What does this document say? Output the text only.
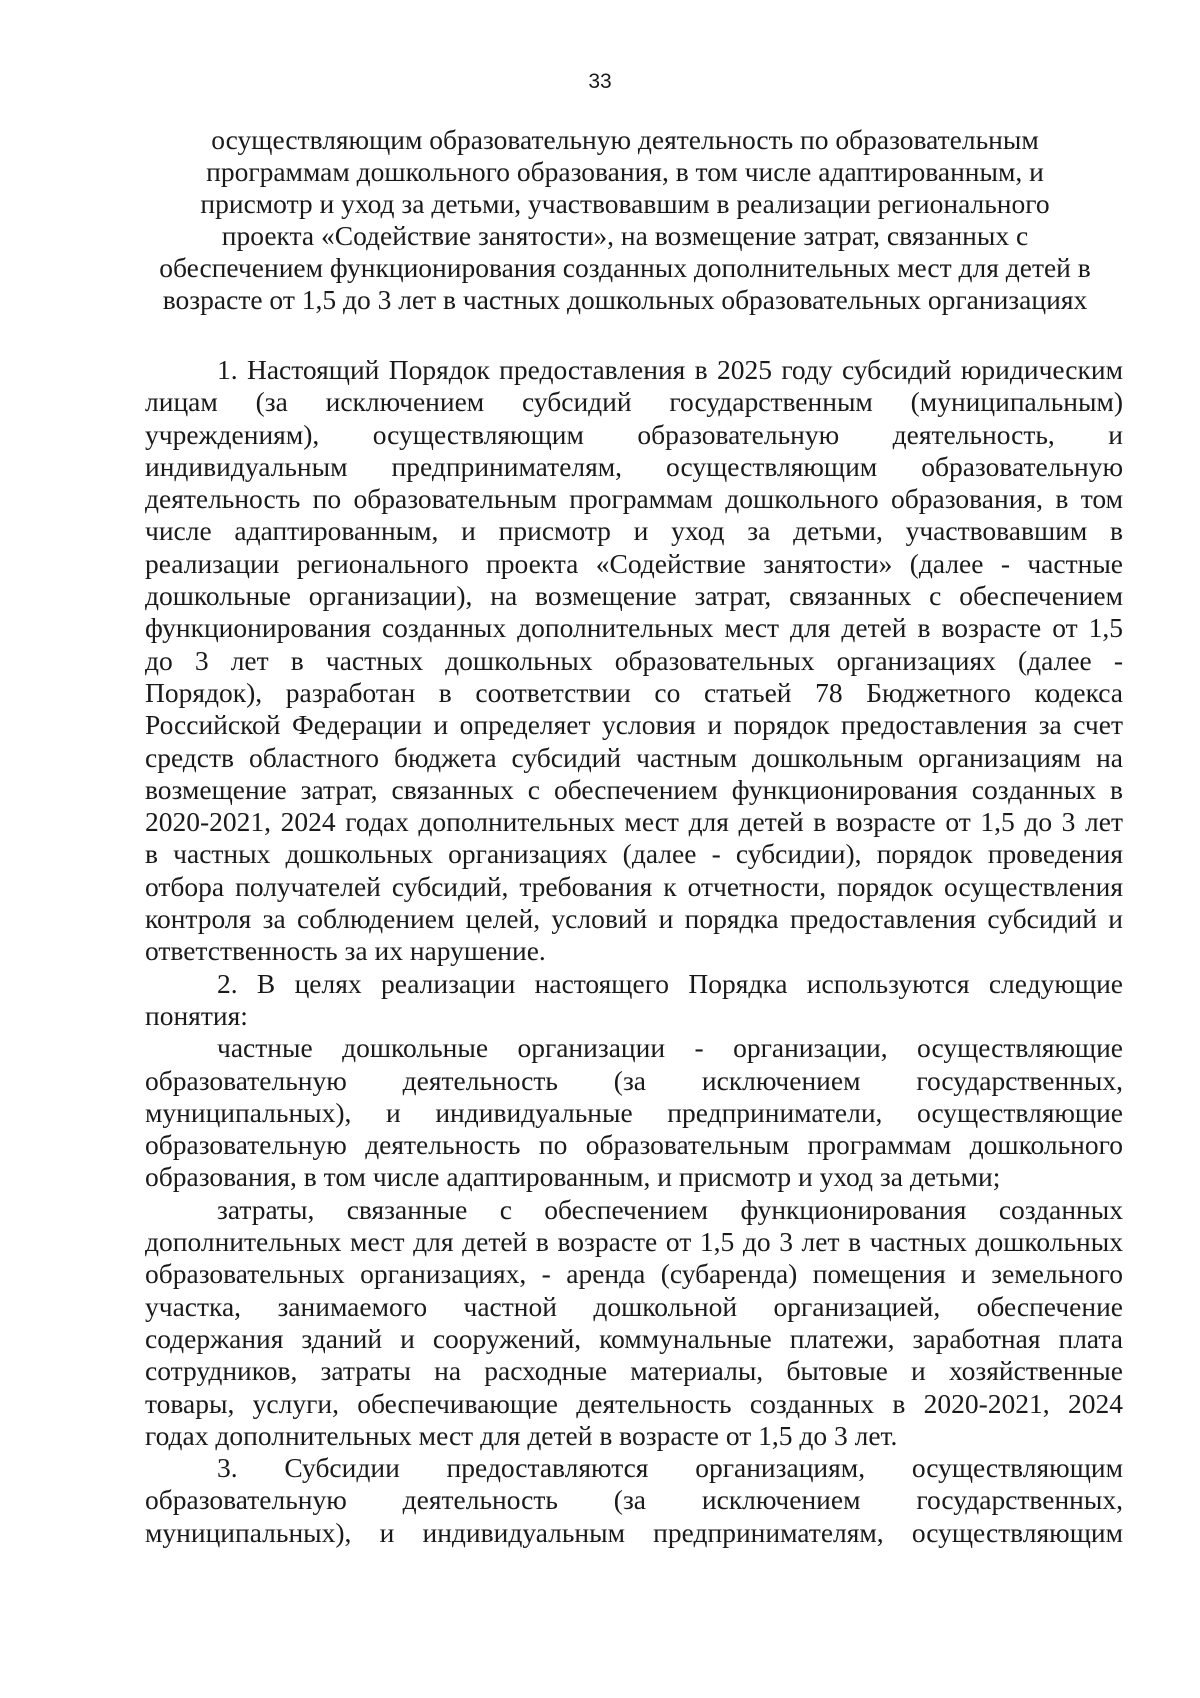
33
осуществляющим образовательную деятельность по образовательным
программам дошкольного образования, в том числе адаптированным, и
присмотр и уход за детьми, участвовавшим в реализации регионального
проекта «Содействие занятости», на возмещение затрат, связанных с
обеспечением функционирования созданных дополнительных мест для детей в
возрасте от 1,5 до 3 лет в частных дошкольных образовательных организациях

1. Настоящий Порядок предоставления в 2025 году субсидий юридическим
лицам (за исключением субсидий государственным (муниципальным)
учреждениям), осуществляющим образовательную деятельность, и
индивидуальным предпринимателям, осуществляющим образовательную
деятельность по образовательным программам дошкольного образования, в том
числе адаптированным, и присмотр и уход за детьми, участвовавшим в
реализации регионального проекта «Содействие занятости» (далее - частные
дошкольные организации), на возмещение затрат, связанных с обеспечением
функционирования созданных дополнительных мест для детей в возрасте от 1,5
до 3 лет в частных дошкольных образовательных организациях (далее -
Порядок), разработан в соответствии со статьей 78 Бюджетного кодекса
Российской Федерации и определяет условия и порядок предоставления за счет
средств областного бюджета субсидий частным дошкольным организациям на
возмещение затрат, связанных с обеспечением функционирования созданных в
2020-2021, 2024 годах дополнительных мест для детей в возрасте от 1,5 до 3 лет
в частных дошкольных организациях (далее - субсидии), порядок проведения
отбора получателей субсидий, требования к отчетности, порядок осуществления
контроля за соблюдением целей, условий и порядка предоставления субсидий и
ответственность за их нарушение.

2. В целях реализации настоящего Порядка используются следующие
понятия:

частные дошкольные организации - организации, осуществляющие
образовательную деятельность (за исключением государственных,
муниципальных), и индивидуальные предприниматели, осуществляющие
образовательную деятельность по образовательным программам дошкольного
образования, в том числе адаптированным, и присмотр и уход за детьми;

затраты, связанные с обеспечением функционирования созданных
дополнительных мест для детей в возрасте от 1,5 до 3 лет в частных дошкольных
образовательных организациях, - аренда (субаренда) помещения и земельного
участка, занимаемого частной дошкольной организацией, обеспечение
содержания зданий и сооружений, коммунальные платежи, заработная плата
сотрудников, затраты на расходные материалы, бытовые и хозяйственные
товары, услуги, обеспечивающие деятельность созданных в 2020-2021, 2024
годах дополнительных мест для детей в возрасте от 1,5 до 3 лет.

3. Субсидии предоставляются организациям, осуществляющим
образовательную деятельность (за исключением государственных,
муниципальных), и индивидуальным предпринимателям, осуществляющим
